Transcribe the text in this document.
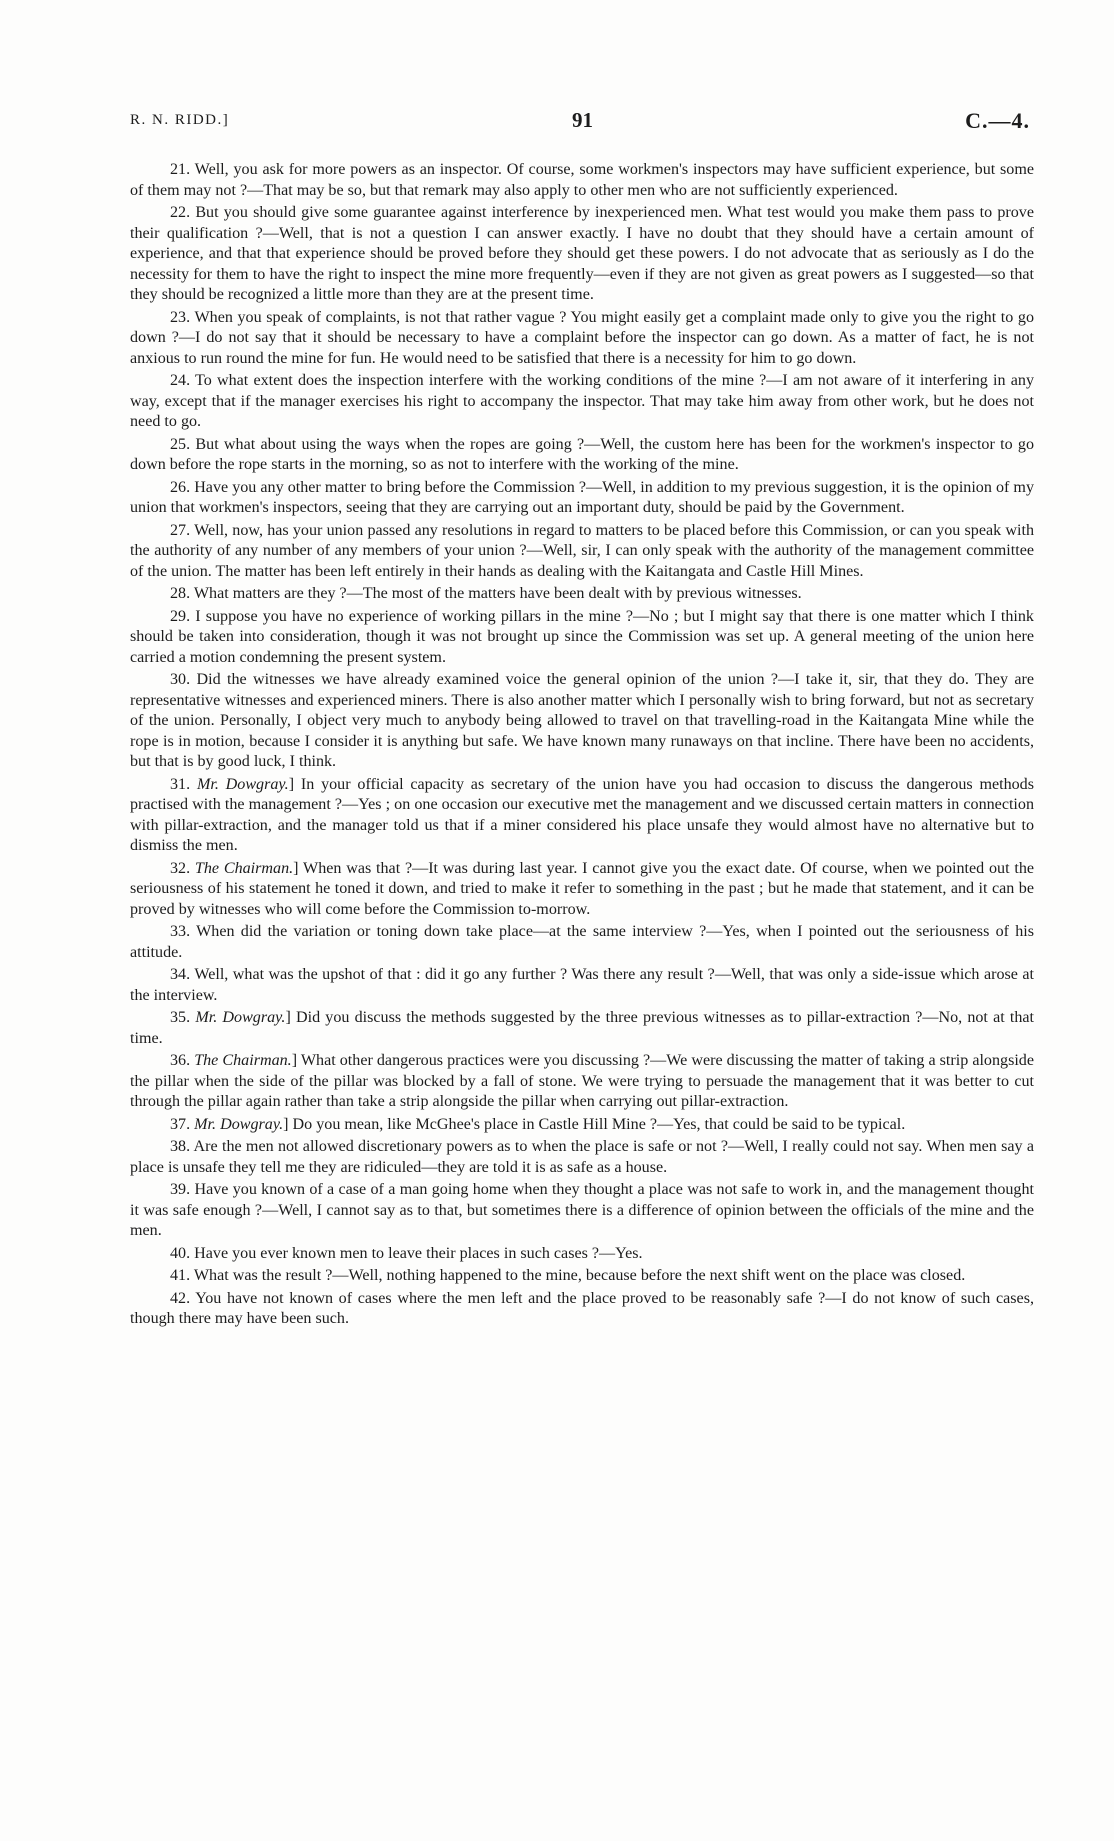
R. N. RIDD.]	91	C.—4.

21. Well, you ask for more powers as an inspector. Of course, some workmen's inspectors may have sufficient experience, but some of them may not ?—That may be so, but that remark may also apply to other men who are not sufficiently experienced.

22. But you should give some guarantee against interference by inexperienced men. What test would you make them pass to prove their qualification ?—Well, that is not a question I can answer exactly. I have no doubt that they should have a certain amount of experience, and that that experience should be proved before they should get these powers. I do not advocate that as seriously as I do the necessity for them to have the right to inspect the mine more frequently—even if they are not given as great powers as I suggested—so that they should be recognized a little more than they are at the present time.

23. When you speak of complaints, is not that rather vague ? You might easily get a complaint made only to give you the right to go down ?—I do not say that it should be necessary to have a complaint before the inspector can go down. As a matter of fact, he is not anxious to run round the mine for fun. He would need to be satisfied that there is a necessity for him to go down.

24. To what extent does the inspection interfere with the working conditions of the mine ?—I am not aware of it interfering in any way, except that if the manager exercises his right to accompany the inspector. That may take him away from other work, but he does not need to go.

25. But what about using the ways when the ropes are going ?—Well, the custom here has been for the workmen's inspector to go down before the rope starts in the morning, so as not to interfere with the working of the mine.

26. Have you any other matter to bring before the Commission ?—Well, in addition to my previous suggestion, it is the opinion of my union that workmen's inspectors, seeing that they are carrying out an important duty, should be paid by the Government.

27. Well, now, has your union passed any resolutions in regard to matters to be placed before this Commission, or can you speak with the authority of any number of any members of your union ?—Well, sir, I can only speak with the authority of the management committee of the union. The matter has been left entirely in their hands as dealing with the Kaitangata and Castle Hill Mines.

28. What matters are they ?—The most of the matters have been dealt with by previous witnesses.

29. I suppose you have no experience of working pillars in the mine ?—No ; but I might say that there is one matter which I think should be taken into consideration, though it was not brought up since the Commission was set up. A general meeting of the union here carried a motion condemning the present system.

30. Did the witnesses we have already examined voice the general opinion of the union ?—I take it, sir, that they do. They are representative witnesses and experienced miners. There is also another matter which I personally wish to bring forward, but not as secretary of the union. Personally, I object very much to anybody being allowed to travel on that travelling-road in the Kaitangata Mine while the rope is in motion, because I consider it is anything but safe. We have known many runaways on that incline. There have been no accidents, but that is by good luck, I think.

31. Mr. Dowgray.] In your official capacity as secretary of the union have you had occasion to discuss the dangerous methods practised with the management ?—Yes ; on one occasion our executive met the management and we discussed certain matters in connection with pillar-extraction, and the manager told us that if a miner considered his place unsafe they would almost have no alternative but to dismiss the men.

32. The Chairman.] When was that ?—It was during last year. I cannot give you the exact date. Of course, when we pointed out the seriousness of his statement he toned it down, and tried to make it refer to something in the past ; but he made that statement, and it can be proved by witnesses who will come before the Commission to-morrow.

33. When did the variation or toning down take place—at the same interview ?—Yes, when I pointed out the seriousness of his attitude.

34. Well, what was the upshot of that : did it go any further ? Was there any result ?—Well, that was only a side-issue which arose at the interview.

35. Mr. Dowgray.] Did you discuss the methods suggested by the three previous witnesses as to pillar-extraction ?—No, not at that time.

36. The Chairman.] What other dangerous practices were you discussing ?—We were discussing the matter of taking a strip alongside the pillar when the side of the pillar was blocked by a fall of stone. We were trying to persuade the management that it was better to cut through the pillar again rather than take a strip alongside the pillar when carrying out pillar-extraction.

37. Mr. Dowgray.] Do you mean, like McGhee's place in Castle Hill Mine ?—Yes, that could be said to be typical.

38. Are the men not allowed discretionary powers as to when the place is safe or not ?—Well, I really could not say. When men say a place is unsafe they tell me they are ridiculed—they are told it is as safe as a house.

39. Have you known of a case of a man going home when they thought a place was not safe to work in, and the management thought it was safe enough ?—Well, I cannot say as to that, but sometimes there is a difference of opinion between the officials of the mine and the men.

40. Have you ever known men to leave their places in such cases ?—Yes.

41. What was the result ?—Well, nothing happened to the mine, because before the next shift went on the place was closed.

42. You have not known of cases where the men left and the place proved to be reasonably safe ?—I do not know of such cases, though there may have been such.
